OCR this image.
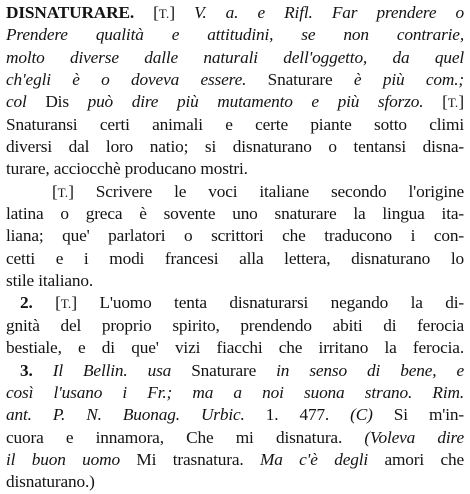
DISNATURARE. [T.] V. a. e Rifl. Far prendere o
Prendere qualità e attitudini, se non contrarie,
molto diverse dalle naturali dell'oggetto, da quel
ch'egli è o doveva essere. Snaturare è più com.;
col Dis può dire più mutamento e più sforzo. [T.]
Snaturansi certi animali e certe piante sotto climi
diversi dal loro natio; si disnaturano o tentansi disna-
turare, acciocchè producano mostri.
[T.] Scrivere le voci italiane secondo l'origine
latina o greca è sovente uno snaturare la lingua ita-
liana; que' parlatori o scrittori che traducono i con-
cetti e i modi francesi alla lettera, disnaturano lo
stile italiano.
2. [T.] L'uomo tenta disnaturarsi negando la di-
gnità del proprio spirito, prendendo abiti di ferocia
bestiale, e di que' vizi fiacchi che irritano la ferocia.
3. Il Bellin. usa Snaturare in senso di bene, e
così l'usano i Fr.; ma a noi suona strano. Rim.
ant. P. N. Buonag. Urbic. 1. 477. (C) Si m'in-
cuora e innamora, Che mi disnatura. (Voleva dire
il buon uomo Mi trasnatura. Ma c'è degli amori che
disnaturano.)
